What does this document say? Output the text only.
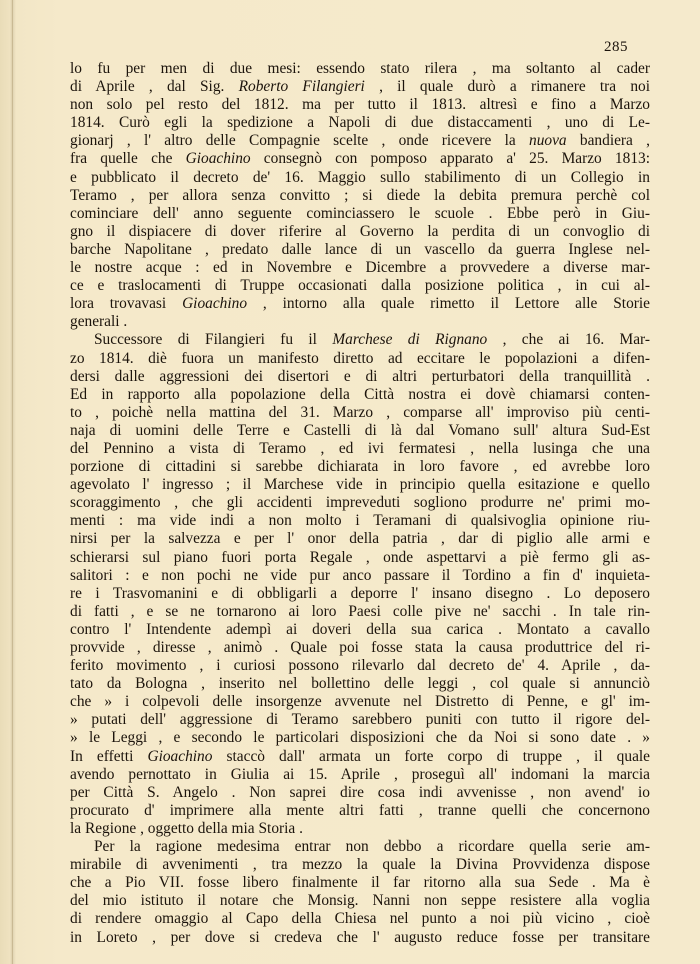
285
lo fu per men di due mesi: essendo stato rilera , ma soltanto al cader
di Aprile , dal Sig. Roberto Filangieri , il quale durò a rimanere tra noi
non solo pel resto del 1812. ma per tutto il 1813. altresì e fino a Marzo
1814. Curò egli la spedizione a Napoli di due distaccamenti , uno di Le-
gionarj , l' altro delle Compagnie scelte , onde ricevere la nuova bandiera ,
fra quelle che Gioachino consegnò con pomposo apparato a' 25. Marzo 1813:
e pubblicato il decreto de' 16. Maggio sullo stabilimento di un Collegio in
Teramo , per allora senza convitto ; si diede la debita premura perchè col
cominciare dell' anno seguente cominciassero le scuole . Ebbe però in Giu-
gno il dispiacere di dover riferire al Governo la perdita di un convoglio di
barche Napolitane , predato dalle lance di un vascello da guerra Inglese nel-
le nostre acque : ed in Novembre e Dicembre a provvedere a diverse mar-
ce e traslocamenti di Truppe occasionati dalla posizione politica , in cui al-
lora trovavasi Gioachino , intorno alla quale rimetto il Lettore alle Storie
generali .
Successore di Filangieri fu il Marchese di Rignano , che ai 16. Mar-
zo 1814. diè fuora un manifesto diretto ad eccitare le popolazioni a difen-
dersi dalle aggressioni dei disertori e di altri perturbatori della tranquillità .
Ed in rapporto alla popolazione della Città nostra ei dovè chiamarsi conten-
to , poichè nella mattina del 31. Marzo , comparse all' improviso più centi-
naja di uomini delle Terre e Castelli di là dal Vomano sull' altura Sud-Est
del Pennino a vista di Teramo , ed ivi fermatesi , nella lusinga che una
porzione di cittadini si sarebbe dichiarata in loro favore , ed avrebbe loro
agevolato l' ingresso ; il Marchese vide in principio quella esitazione e quello
scoraggimento , che gli accidenti impreveduti sogliono produrre ne' primi mo-
menti : ma vide indi a non molto i Teramani di qualsivoglia opinione riu-
nirsi per la salvezza e per l' onor della patria , dar di piglio alle armi e
schierarsi sul piano fuori porta Regale , onde aspettarvi a piè fermo gli as-
salitori : e non pochi ne vide pur anco passare il Tordino a fin d' inquieta-
re i Trasvomanini e di obbligarli a deporre l' insano disegno . Lo deposero
di fatti , e se ne tornarono ai loro Paesi colle pive ne' sacchi . In tale rin-
contro l' Intendente adempì ai doveri della sua carica . Montato a cavallo
provvide , diresse , animò . Quale poi fosse stata la causa produttrice del ri-
ferito movimento , i curiosi possono rilevarlo dal decreto de' 4. Aprile , da-
tato da Bologna , inserito nel bollettino delle leggi , col quale si annunciò
che » i colpevoli delle insorgenze avvenute nel Distretto di Penne, e gl' im-
» putati dell' aggressione di Teramo sarebbero puniti con tutto il rigore del-
» le Leggi , e secondo le particolari disposizioni che da Noi si sono date . »
In effetti Gioachino staccò dall' armata un forte corpo di truppe , il quale
avendo pernottato in Giulia ai 15. Aprile , proseguì all' indomani la marcia
per Città S. Angelo . Non saprei dire cosa indi avvenisse , non avend' io
procurato d' imprimere alla mente altri fatti , tranne quelli che concernono
la Regione , oggetto della mia Storia .
Per la ragione medesima entrar non debbo a ricordare quella serie am-
mirabile di avvenimenti , tra mezzo la quale la Divina Provvidenza dispose
che a Pio VII. fosse libero finalmente il far ritorno alla sua Sede . Ma è
del mio istituto il notare che Monsig. Nanni non seppe resistere alla voglia
di rendere omaggio al Capo della Chiesa nel punto a noi più vicino , cioè
in Loreto , per dove si credeva che l' augusto reduce fosse per transitare
